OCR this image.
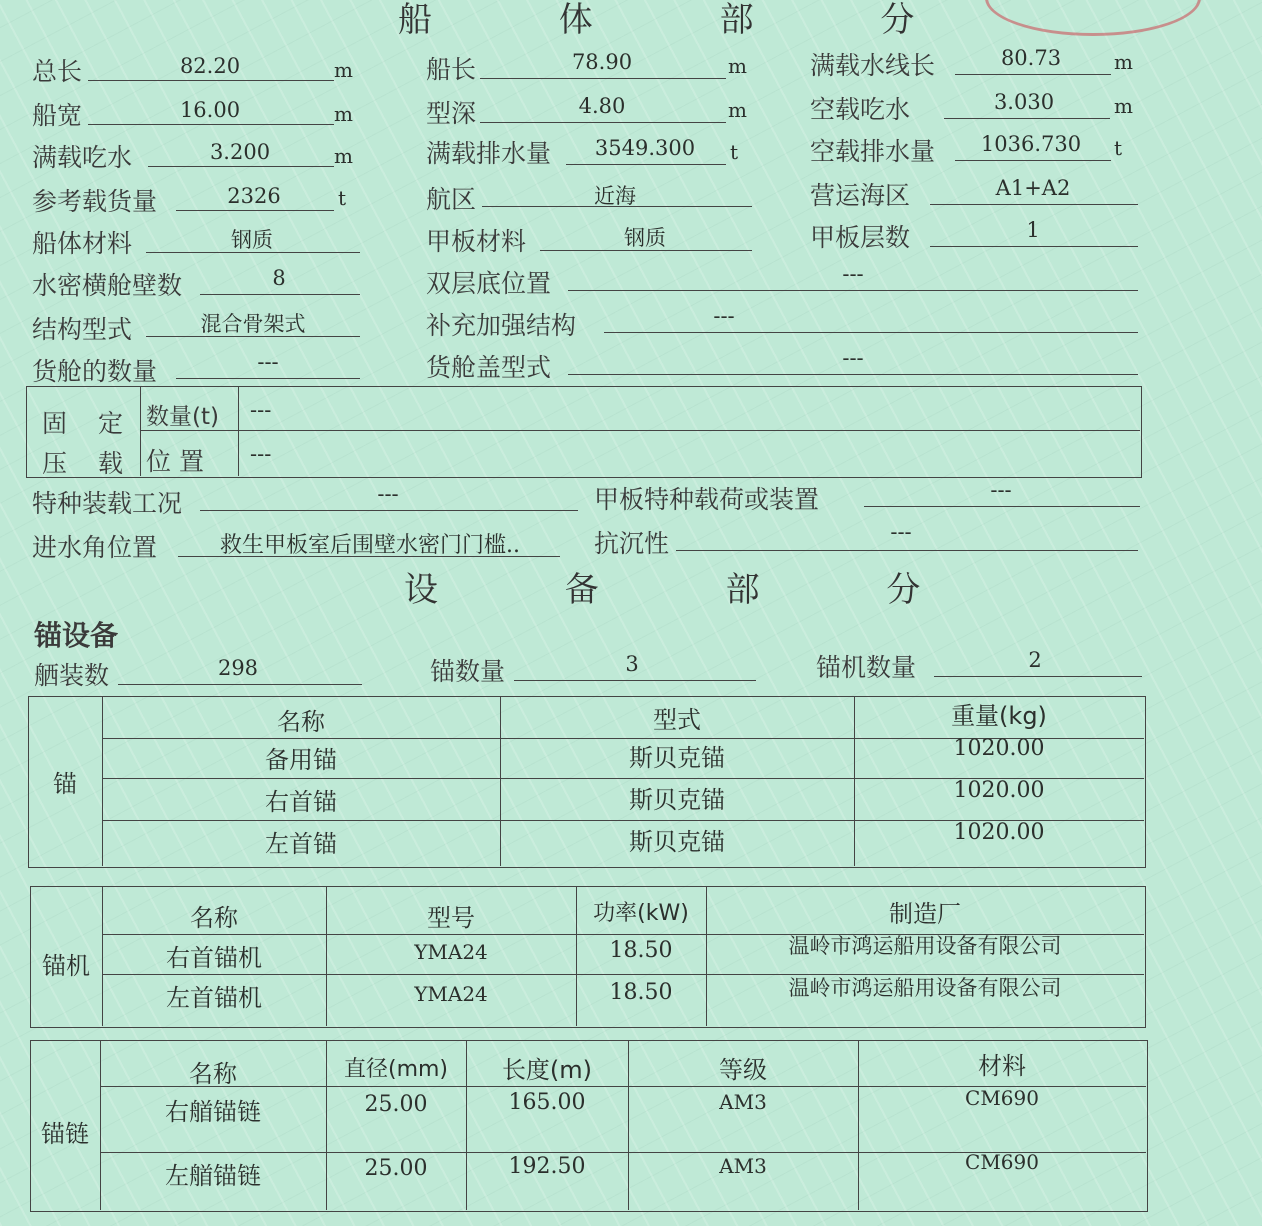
船 体 部 分
总长	82.20	m	船长	78.90	m	满载水线长	80.73	m
船宽	16.00	m	型深	4.80	m	空载吃水	3.030	m
满载吃水	3.200	m	满载排水量	3549.300	t	空载排水量	1036.730	t
参考载货量	2326	t	航区	近海	营运海区	A1+A2
船体材料	钢质	甲板材料	钢质	甲板层数	1
水密横舱壁数	8	双层底位置	---
结构型式	混合骨架式	补充加强结构	---
货舱的数量	---	货舱盖型式	---
固 定
压 载
数量(t) ---
位 置 ---
特种装载工况	---	甲板特种载荷或装置	---
进水角位置	救生甲板室后围壁水密门门槛..	抗沉性	---
设 备 部 分
锚设备
舾装数	298	锚数量	3	锚机数量	2
锚
名称	型式	重量(kg)
备用锚	斯贝克锚	1020.00
右首锚	斯贝克锚	1020.00
左首锚	斯贝克锚	1020.00
锚机
名称	型号	功率(kW)	制造厂
右首锚机	YMA24	18.50	温岭市鸿运船用设备有限公司
左首锚机	YMA24	18.50	温岭市鸿运船用设备有限公司
锚链
名称	直径(mm)	长度(m)	等级	材料
右艏锚链	25.00	165.00	AM3	CM690
左艏锚链	25.00	192.50	AM3	CM690
